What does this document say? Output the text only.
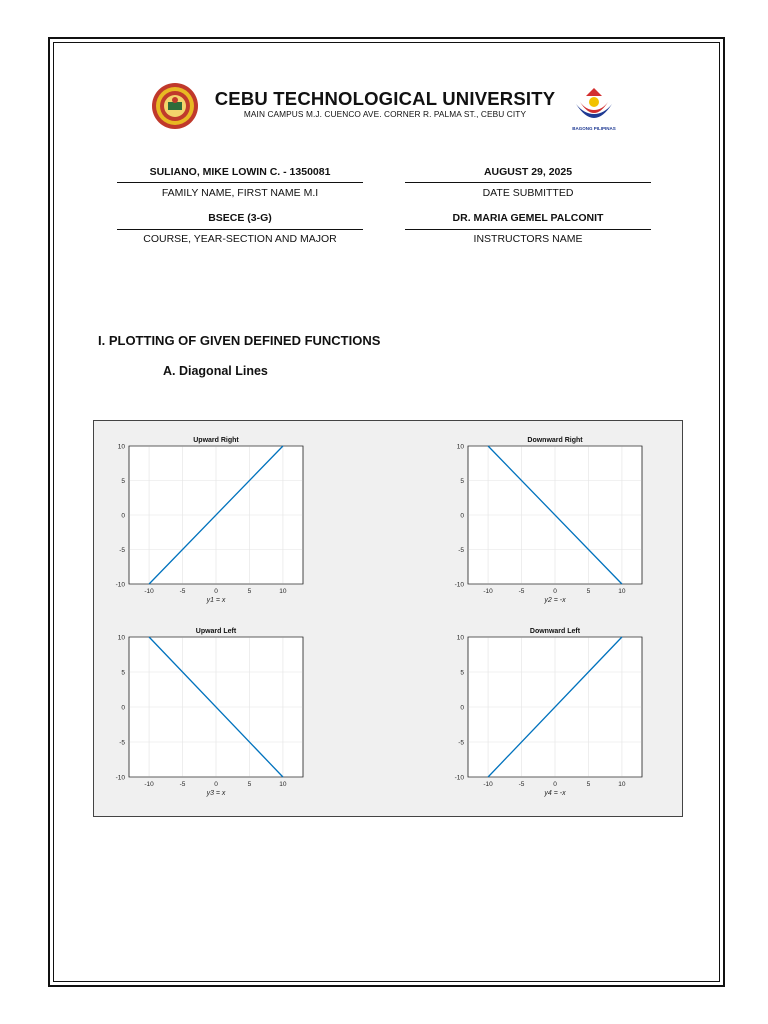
BAGONG PILIPINAS
CEBU TECHNOLOGICAL UNIVERSITY
MAIN CAMPUS M.J. CUENCO AVE. CORNER R. PALMA ST., CEBU CITY
SULIANO, MIKE LOWIN C. - 1350081
FAMILY NAME, FIRST NAME M.I
BSECE (3-G)
COURSE, YEAR-SECTION AND MAJOR
AUGUST 29, 2025
DATE SUBMITTED
DR. MARIA GEMEL PALCONIT
INSTRUCTORS NAME
I. PLOTTING OF GIVEN DEFINED FUNCTIONS
A. Diagonal Lines
-10	-5	0	5	10
-10
-5
0
5
10
Upward Right
y1 = x
-10	-5	0	5	10
-10
-5
0
5
10
Downward Right
y2 = -x
-10	-5	0	5	10
-10
-5
0
5
10
Upward Left
y3 = x
-10	-5	0	5	10
-10
-5
0
5
10
Downward Left
y4 = -x
